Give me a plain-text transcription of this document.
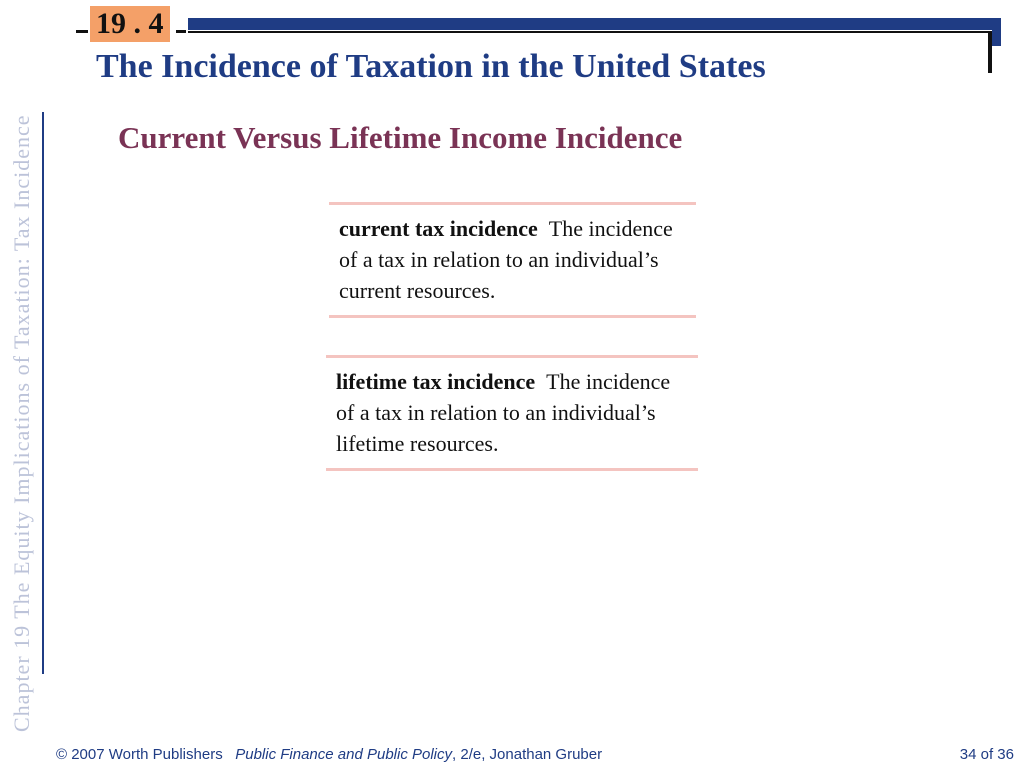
19 . 4
The Incidence of Taxation in the United States
Current Versus Lifetime Income Incidence
Chapter 19 The Equity Implications of Taxation: Tax Incidence	current tax incidence The incidence of a tax in relation to an individual’s current resources.

lifetime tax incidence The incidence of a tax in relation to an individual’s lifetime resources.

© 2007 Worth Publishers Public Finance and Public Policy, 2/e, Jonathan Gruber	34 of 36
